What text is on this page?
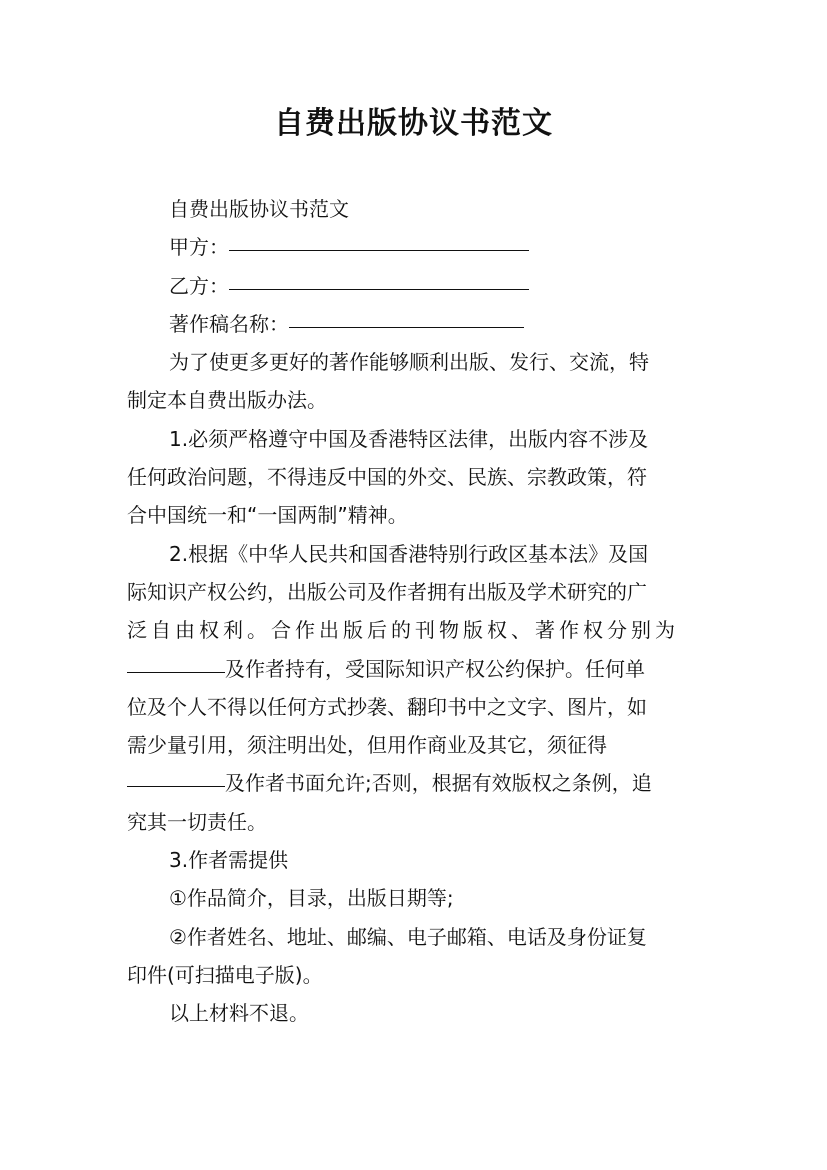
自费出版协议书范文

自费出版协议书范文

甲方：

乙方：

著作稿名称：

为了使更多更好的著作能够顺利出版、发行、交流，特

制定本自费出版办法。

1.必须严格遵守中国及香港特区法律，出版内容不涉及

任何政治问题，不得违反中国的外交、民族、宗教政策，符

合中国统一和“一国两制”精神。

2.根据《中华人民共和国香港特别行政区基本法》及国

际知识产权公约，出版公司及作者拥有出版及学术研究的广

泛自由权利。合作出版后的刊物版权、著作权分别为

及作者持有，受国际知识产权公约保护。任何单

位及个人不得以任何方式抄袭、翻印书中之文字、图片，如

需少量引用，须注明出处，但用作商业及其它，须征得

及作者书面允许;否则，根据有效版权之条例，追

究其一切责任。

3.作者需提供

①作品简介，目录，出版日期等;

②作者姓名、地址、邮编、电子邮箱、电话及身份证复

印件(可扫描电子版)。

以上材料不退。
